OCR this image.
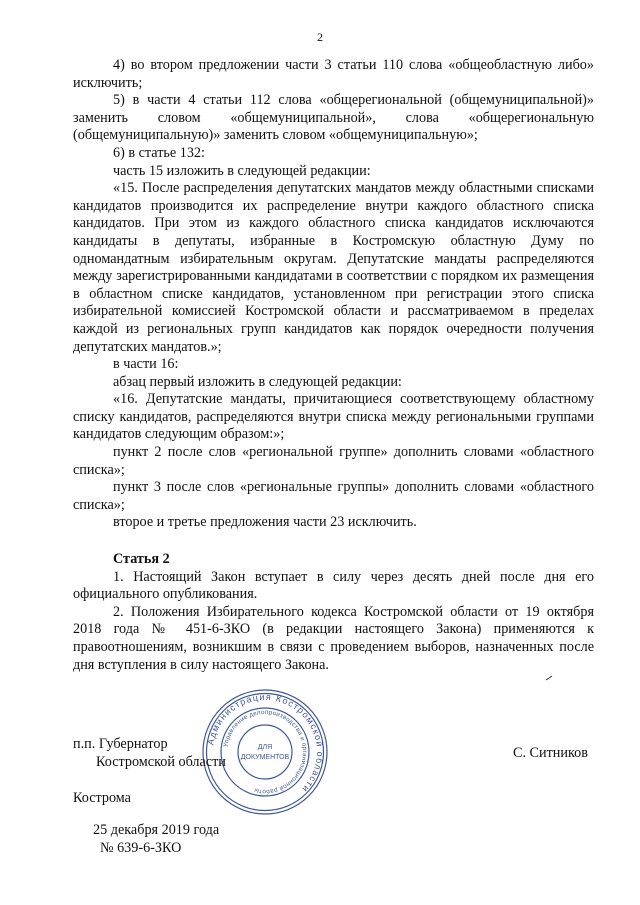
2

4) во втором предложении части 3 статьи 110 слова «общеобластную либо» исключить;

5) в части 4 статьи 112 слова «общерегиональной (общемуниципальной)» заменить словом «общемуниципальной», слова «общерегиональную (общемуниципальную)» заменить словом «общемуниципальную»;

6) в статье 132:

часть 15 изложить в следующей редакции:

«15. После распределения депутатских мандатов между областными списками кандидатов производится их распределение внутри каждого областного списка кандидатов. При этом из каждого областного списка кандидатов исключаются кандидаты в депутаты, избранные в Костромскую областную Думу по одномандатным избирательным округам. Депутатские мандаты распределяются между зарегистрированными кандидатами в соответствии с порядком их размещения в областном списке кандидатов, установленном при регистрации этого списка избирательной комиссией Костромской области и рассматриваемом в пределах каждой из региональных групп кандидатов как порядок очередности получения депутатских мандатов.»;

в части 16:

абзац первый изложить в следующей редакции:

«16. Депутатские мандаты, причитающиеся соответствующему областному списку кандидатов, распределяются внутри списка между региональными группами кандидатов следующим образом:»;

пункт 2 после слов «региональной группе» дополнить словами «областного списка»;

пункт 3 после слов «региональные группы» дополнить словами «областного списка»;

второе и третье предложения части 23 исключить.

Статья 2

1. Настоящий Закон вступает в силу через десять дней после дня его официального опубликования.

2. Положения Избирательного кодекса Костромской области от 19 октября 2018 года № 451-6-ЗКО (в редакции настоящего Закона) применяются к правоотношениям, возникшим в связи с проведением выборов, назначенных после дня вступления в силу настоящего Закона.

Администрация Костромской области
Управление делопроизводства и организационной работы
ДЛЯ
ДОКУМЕНТОВ
п.п. Губернатор
Костромской области
С. Ситников
Кострома
25 декабря 2019 года
№ 639-6-ЗКО
